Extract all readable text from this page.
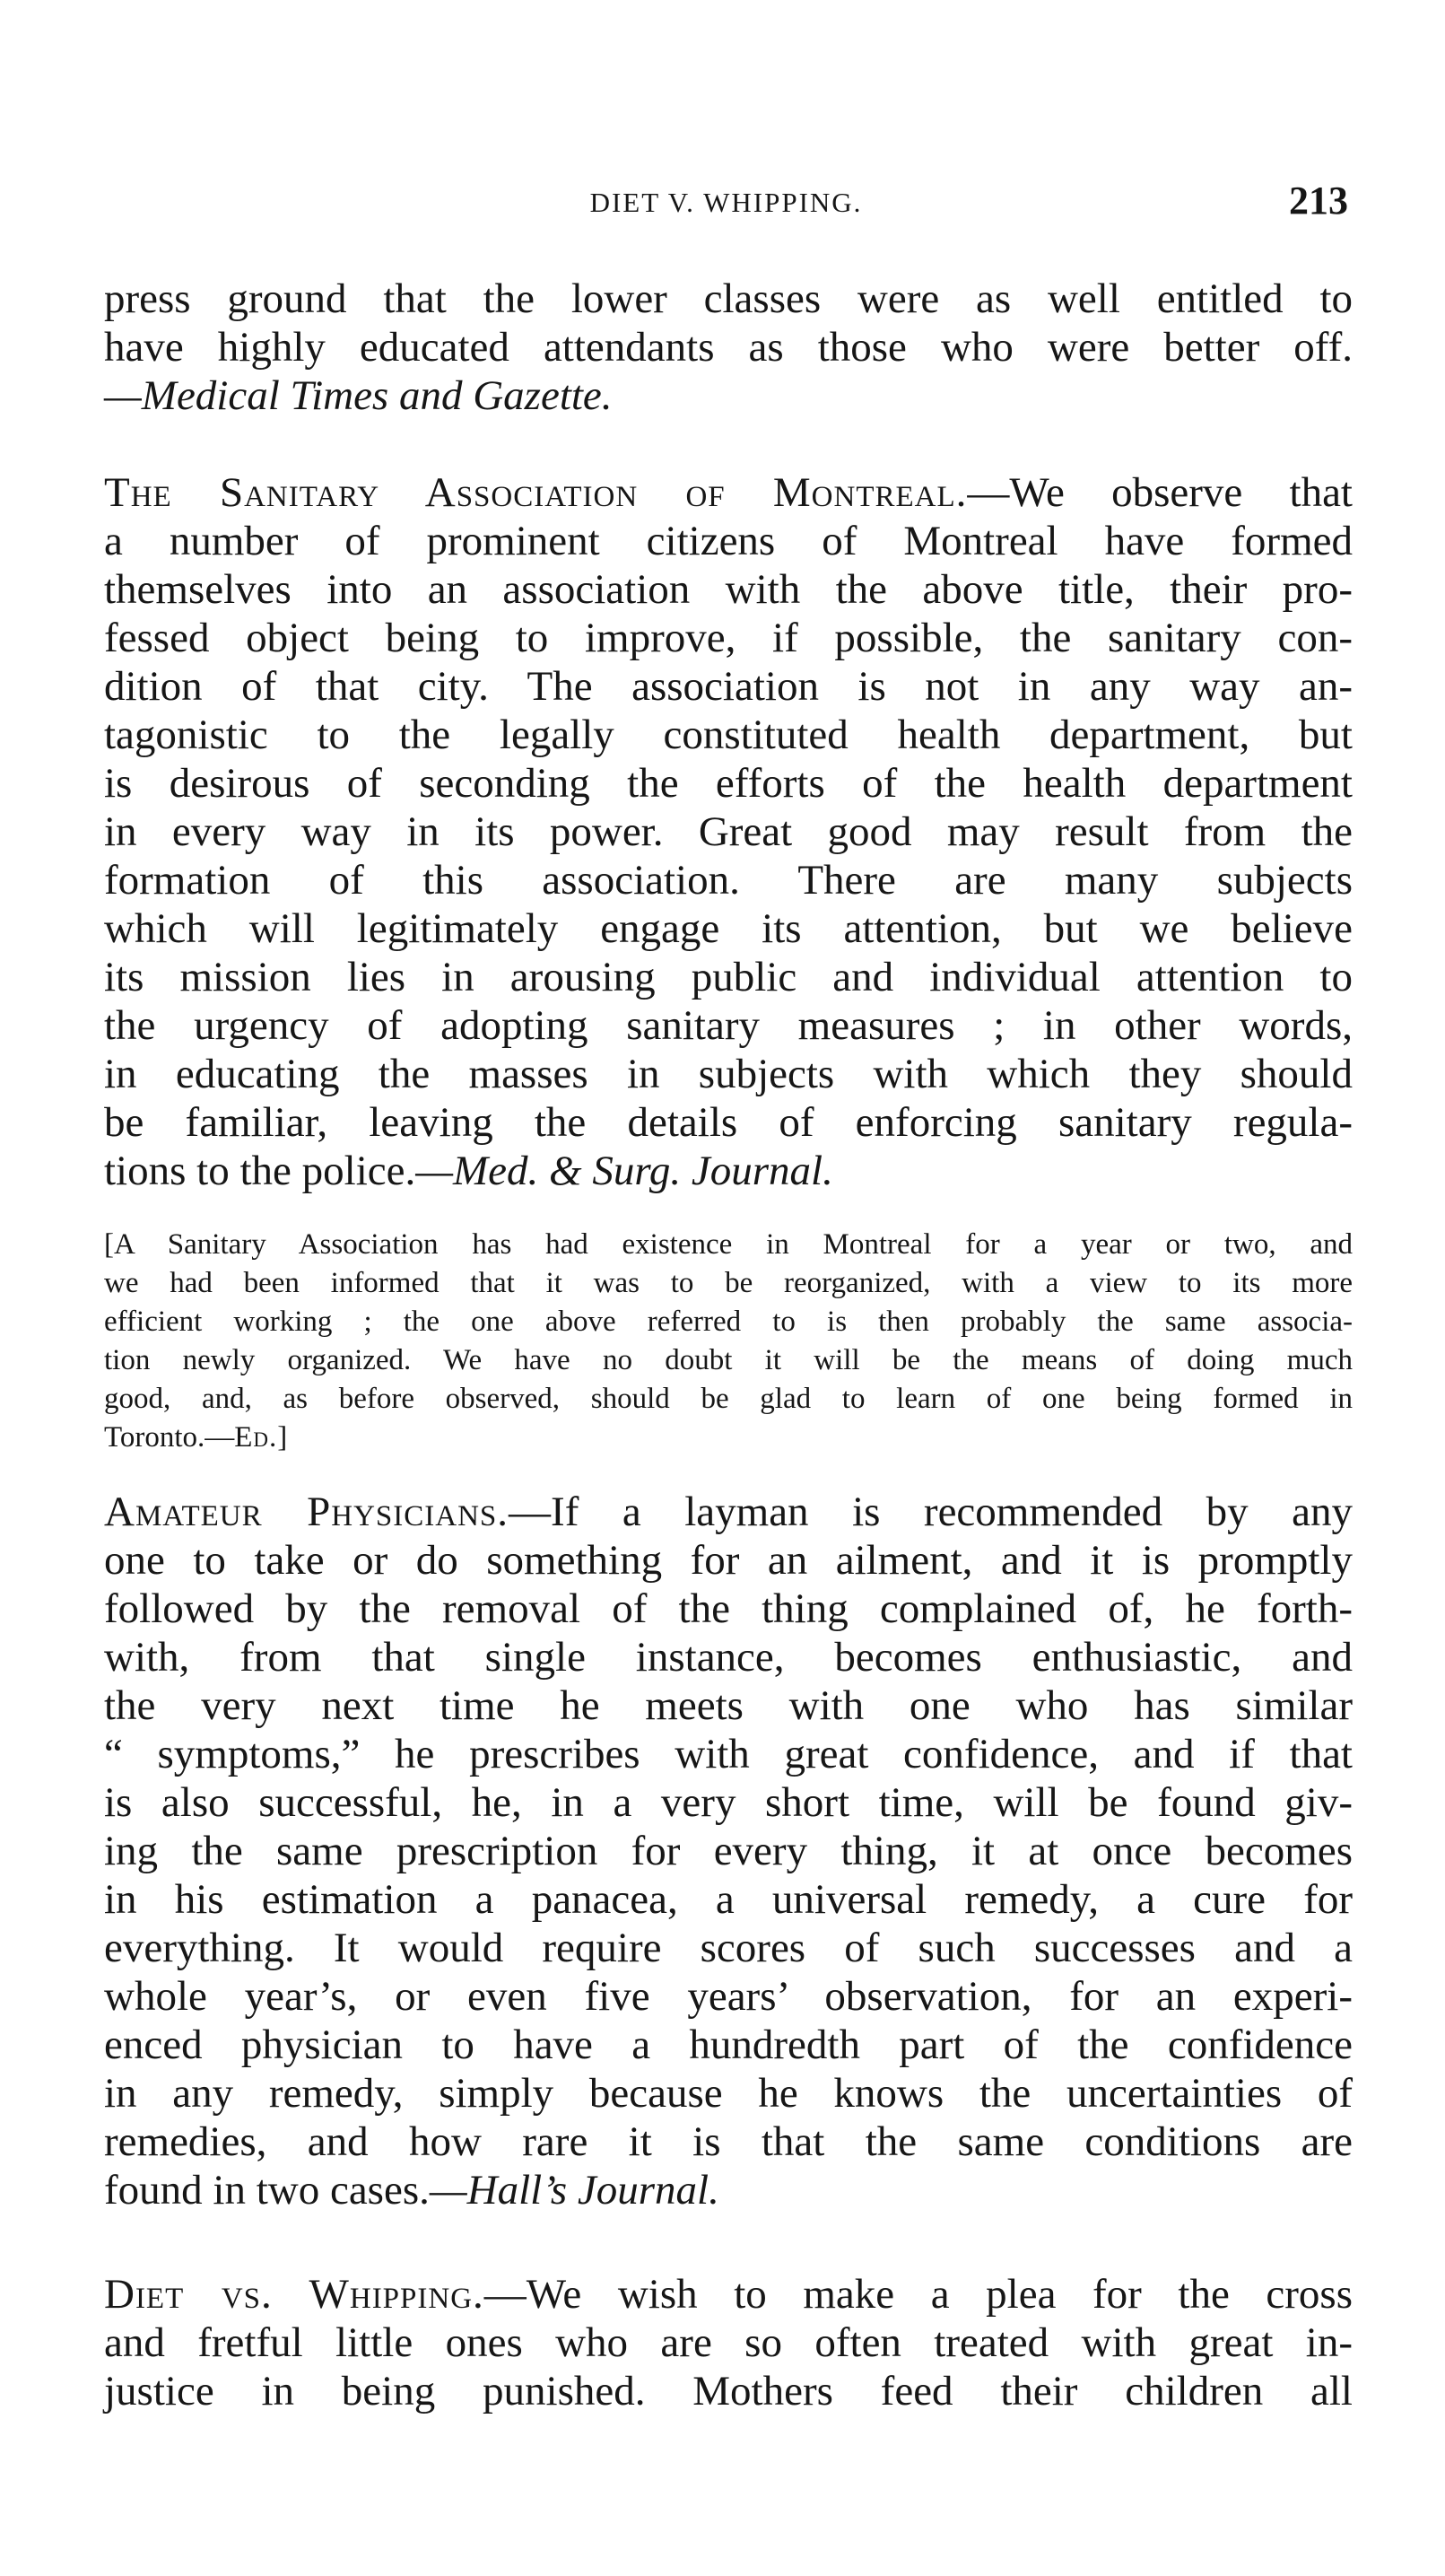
DIET V. WHIPPING.	213
press ground that the lower classes were as well entitled to
have highly educated attendants as those who were better off.
—Medical Times and Gazette.
The Sanitary Association of Montreal.—We observe that
a number of prominent citizens of Montreal have formed
themselves into an association with the above title, their pro-
fessed object being to improve, if possible, the sanitary con-
dition of that city. The association is not in any way an-
tagonistic to the legally constituted health department, but
is desirous of seconding the efforts of the health department
in every way in its power. Great good may result from the
formation of this association. There are many subjects
which will legitimately engage its attention, but we believe
its mission lies in arousing public and individual attention to
the urgency of adopting sanitary measures ; in other words,
in educating the masses in subjects with which they should
be familiar, leaving the details of enforcing sanitary regula-
tions to the police.—Med. & Surg. Journal.
[A Sanitary Association has had existence in Montreal for a year or two, and
we had been informed that it was to be reorganized, with a view to its more
efficient working ; the one above referred to is then probably the same associa-
tion newly organized. We have no doubt it will be the means of doing much
good, and, as before observed, should be glad to learn of one being formed in
Toronto.—Ed.]
Amateur Physicians.—If a layman is recommended by any
one to take or do something for an ailment, and it is promptly
followed by the removal of the thing complained of, he forth-
with, from that single instance, becomes enthusiastic, and
the very next time he meets with one who has similar
“ symptoms,” he prescribes with great confidence, and if that
is also successful, he, in a very short time, will be found giv-
ing the same prescription for every thing, it at once becomes
in his estimation a panacea, a universal remedy, a cure for
everything. It would require scores of such successes and a
whole year’s, or even five years’ observation, for an experi-
enced physician to have a hundredth part of the confidence
in any remedy, simply because he knows the uncertainties of
remedies, and how rare it is that the same conditions are
found in two cases.—Hall’s Journal.
Diet vs. Whipping.—We wish to make a plea for the cross
and fretful little ones who are so often treated with great in-
justice in being punished. Mothers feed their children all
